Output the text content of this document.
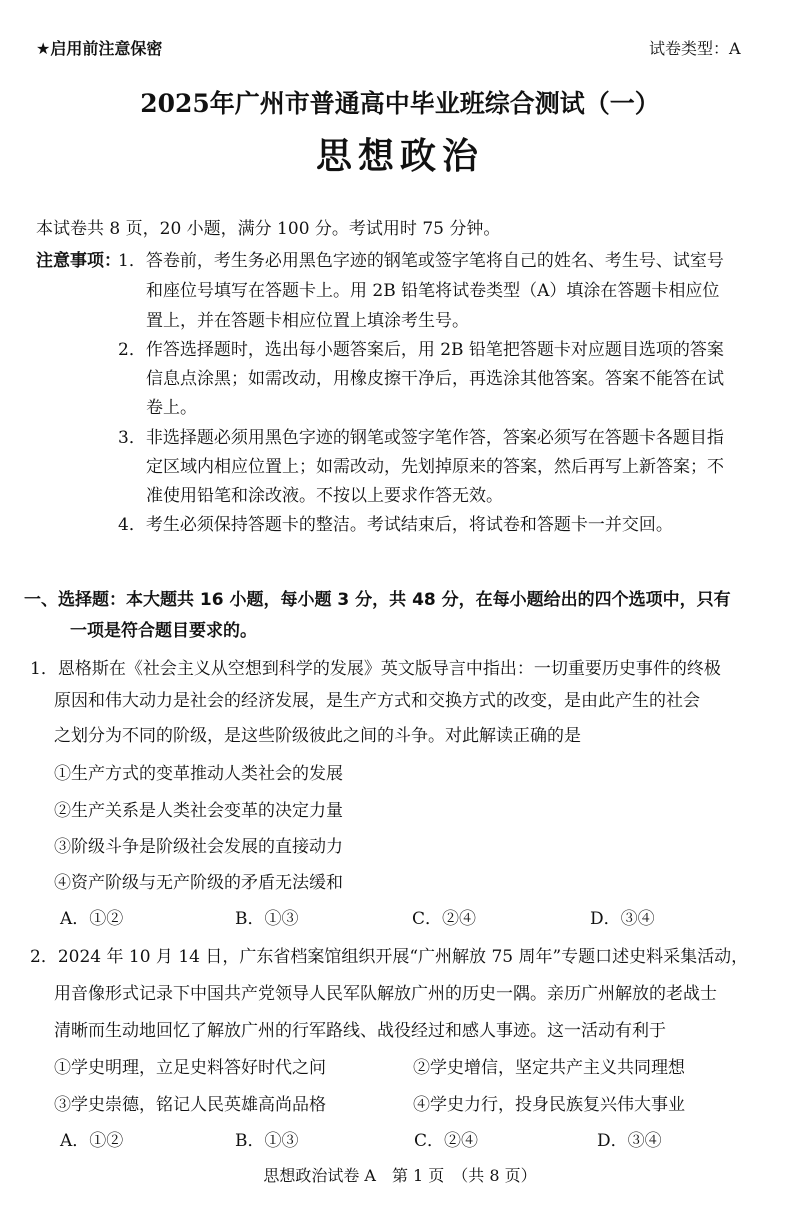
★启用前注意保密	试卷类型：A
2025年广州市普通高中毕业班综合测试（一）
思想政治
本试卷共 8 页，20 小题，满分 100 分。考试用时 75 分钟。
注意事项：
1．答卷前，考生务必用黑色字迹的钢笔或签字笔将自己的姓名、考生号、试室号
和座位号填写在答题卡上。用 2B 铅笔将试卷类型（A）填涂在答题卡相应位
置上，并在答题卡相应位置上填涂考生号。
2．作答选择题时，选出每小题答案后，用 2B 铅笔把答题卡对应题目选项的答案
信息点涂黑；如需改动，用橡皮擦干净后，再选涂其他答案。答案不能答在试
卷上。
3．非选择题必须用黑色字迹的钢笔或签字笔作答，答案必须写在答题卡各题目指
定区域内相应位置上；如需改动，先划掉原来的答案，然后再写上新答案；不
准使用铅笔和涂改液。不按以上要求作答无效。
4．考生必须保持答题卡的整洁。考试结束后，将试卷和答题卡一并交回。
一、选择题：本大题共 16 小题，每小题 3 分，共 48 分，在每小题给出的四个选项中，只有
一项是符合题目要求的。
1．恩格斯在《社会主义从空想到科学的发展》英文版导言中指出：一切重要历史事件的终极
原因和伟大动力是社会的经济发展，是生产方式和交换方式的改变，是由此产生的社会
之划分为不同的阶级，是这些阶级彼此之间的斗争。对此解读正确的是
①生产方式的变革推动人类社会的发展
②生产关系是人类社会变革的决定力量
③阶级斗争是阶级社会发展的直接动力
④资产阶级与无产阶级的矛盾无法缓和
A．①②	B．①③	C．②④	D．③④
2．2024 年 10 月 14 日，广东省档案馆组织开展“广州解放 75 周年”专题口述史料采集活动，
用音像形式记录下中国共产党领导人民军队解放广州的历史一隅。亲历广州解放的老战士
清晰而生动地回忆了解放广州的行军路线、战役经过和感人事迹。这一活动有利于
①学史明理，立足史料答好时代之问	②学史增信，坚定共产主义共同理想
③学史崇德，铭记人民英雄高尚品格	④学史力行，投身民族复兴伟大事业
A．①②	B．①③	C．②④	D．③④
思想政治试卷 A　第 1 页　（共 8 页）
